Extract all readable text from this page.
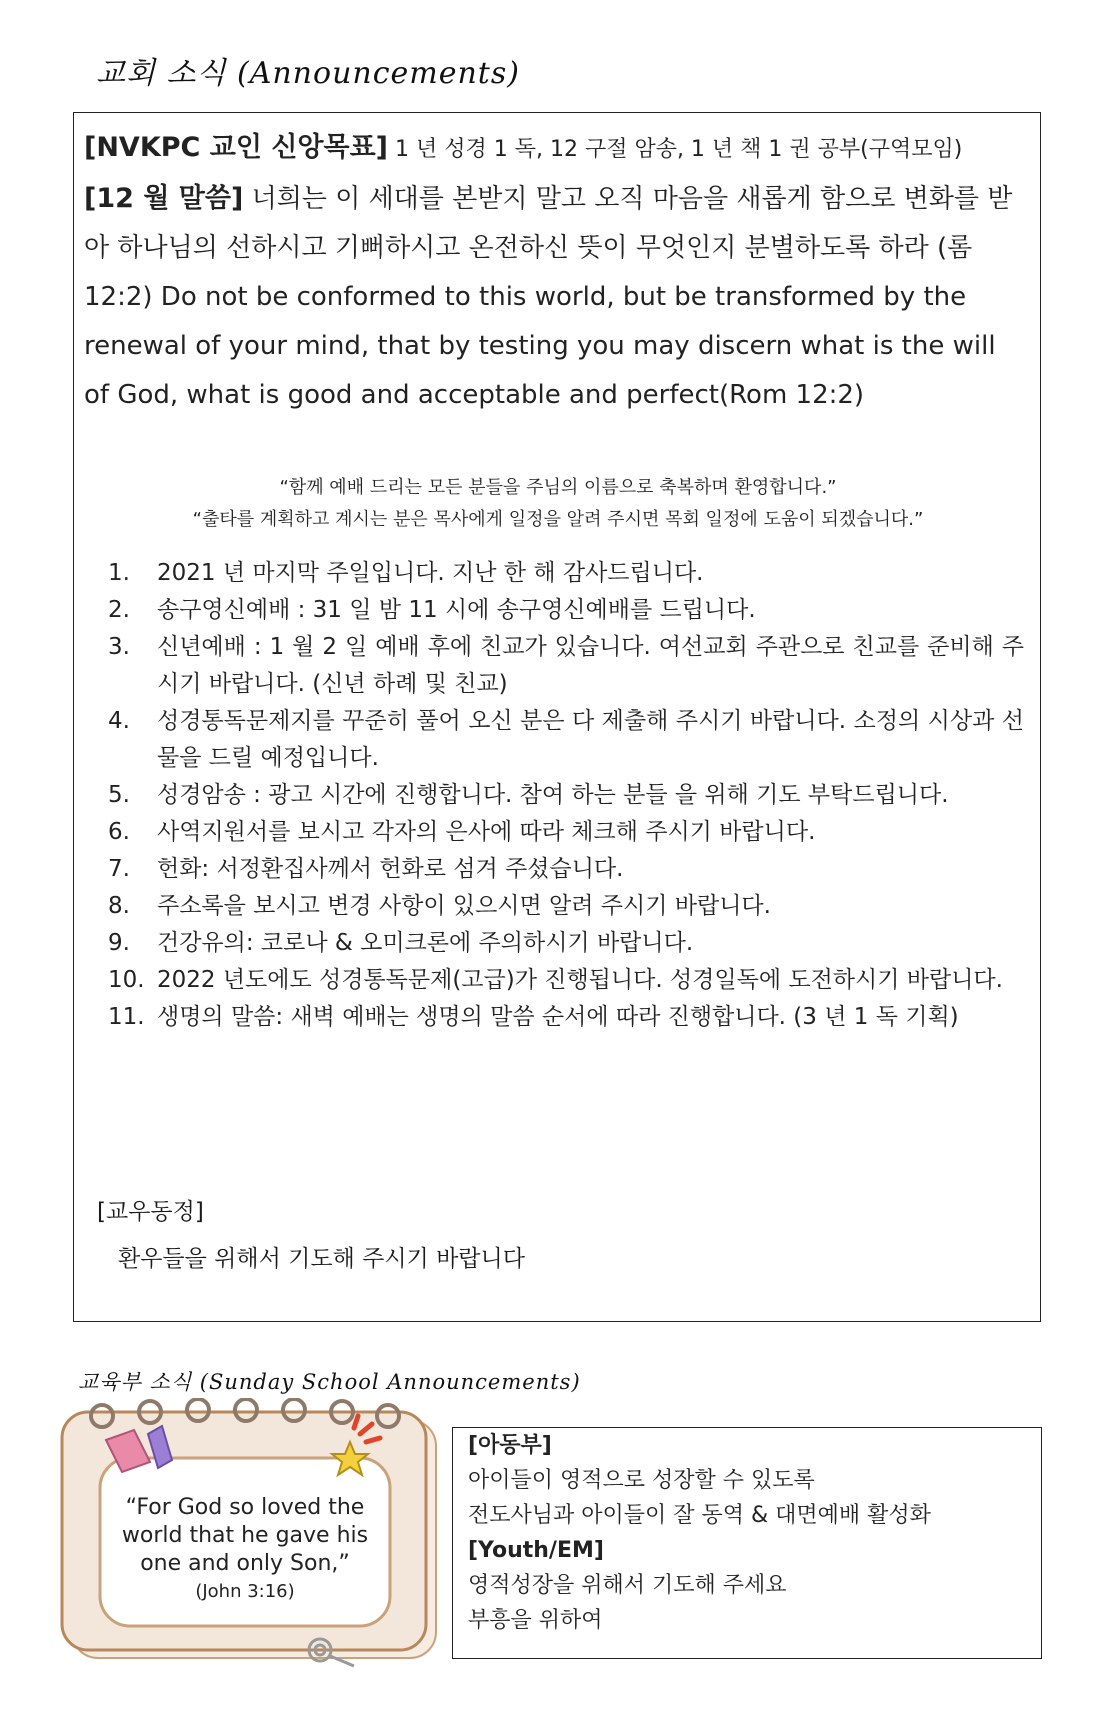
교회 소식 (Announcements)
[NVKPC 교인 신앙목표] 1 년 성경 1 독, 12 구절 암송, 1 년 책 1 권 공부(구역모임)
[12 월 말씀] 너희는 이 세대를 본받지 말고 오직 마음을 새롭게 함으로 변화를 받아 하나님의 선하시고 기뻐하시고 온전하신 뜻이 무엇인지 분별하도록 하라 (롬 12:2) Do not be conformed to this world, but be transformed by the renewal of your mind, that by testing you may discern what is the will of God, what is good and acceptable and perfect(Rom 12:2)
“함께 예배 드리는 모든 분들을 주님의 이름으로 축복하며 환영합니다.”
“출타를 계획하고 계시는 분은 목사에게 일정을 알려 주시면 목회 일정에 도움이 되겠습니다.”
1. 2021 년 마지막 주일입니다. 지난 한 해 감사드립니다.
2. 송구영신예배 : 31 일 밤 11 시에 송구영신예배를 드립니다.
3. 신년예배 : 1 월 2 일 예배 후에 친교가 있습니다. 여선교회 주관으로 친교를 준비해 주시기 바랍니다. (신년 하례 및 친교)
4. 성경통독문제지를 꾸준히 풀어 오신 분은 다 제출해 주시기 바랍니다. 소정의 시상과 선물을 드릴 예정입니다.
5. 성경암송 : 광고 시간에 진행합니다. 참여 하는 분들 을 위해 기도 부탁드립니다.
6. 사역지원서를 보시고 각자의 은사에 따라 체크해 주시기 바랍니다.
7. 헌화: 서정환집사께서 헌화로 섬겨 주셨습니다.
8. 주소록을 보시고 변경 사항이 있으시면 알려 주시기 바랍니다.
9. 건강유의: 코로나 & 오미크론에 주의하시기 바랍니다.
10. 2022 년도에도 성경통독문제(고급)가 진행됩니다. 성경일독에 도전하시기 바랍니다.
11. 생명의 말씀: 새벽 예배는 생명의 말씀 순서에 따라 진행합니다. (3 년 1 독 기획)
[교우동정]
환우들을 위해서 기도해 주시기 바랍니다
교육부 소식 (Sunday School Announcements)
“For God so loved the
world that he gave his
one and only Son,”
(John 3:16)
[아동부]
아이들이 영적으로 성장할 수 있도록
전도사님과 아이들이 잘 동역 & 대면예배 활성화
[Youth/EM]
영적성장을 위해서 기도해 주세요
부흥을 위하여
